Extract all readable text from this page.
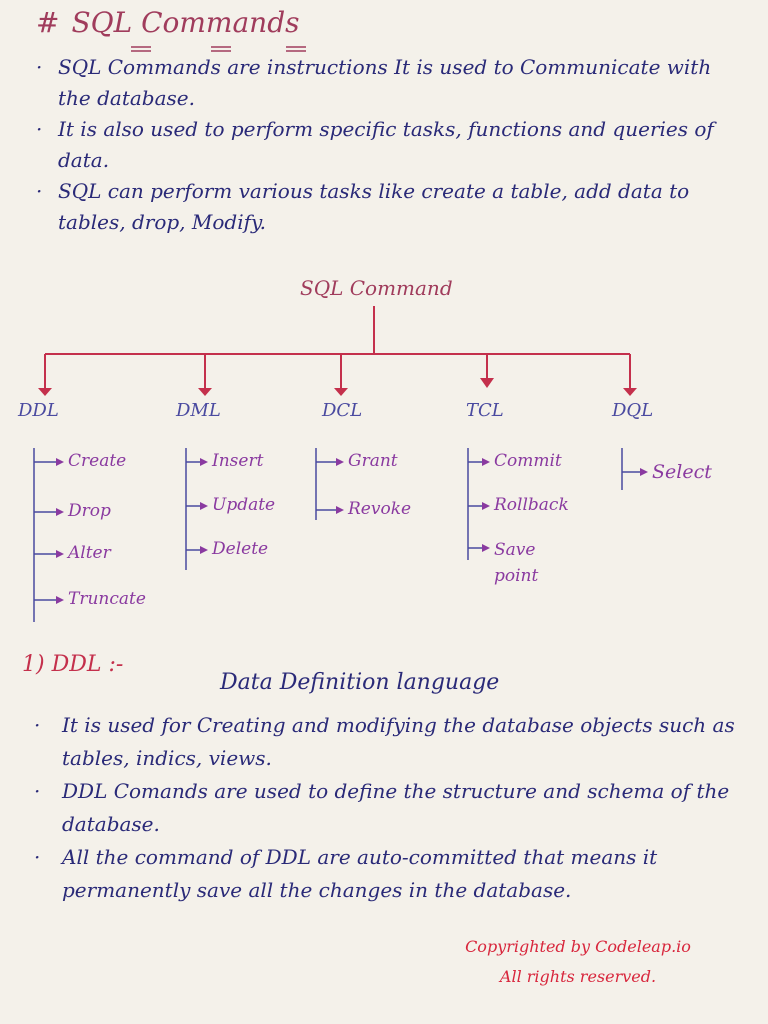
# SQL Commands

· SQL Commands are instructions It is used to Communicate with the database.

· It is also used to perform specific tasks, functions and queries of data.

· SQL can perform various tasks like create a table, add data to tables, drop, Modify.

SQL Command
DDL	DML	DCL	TCL	DQL
Create
Drop
Alter
Truncate
Insert
Update
Delete
Grant
Revoke
Commit
Rollback
Save point
Select
1) DDL :-
Data Definition language

· It is used for Creating and modifying the database objects such as tables, indics, views.

· DDL Comands are used to define the structure and schema of the database.

· All the command of DDL are auto-committed that means it permanently save all the changes in the database.

Copyrighted by Codeleap.io
All rights reserved.
